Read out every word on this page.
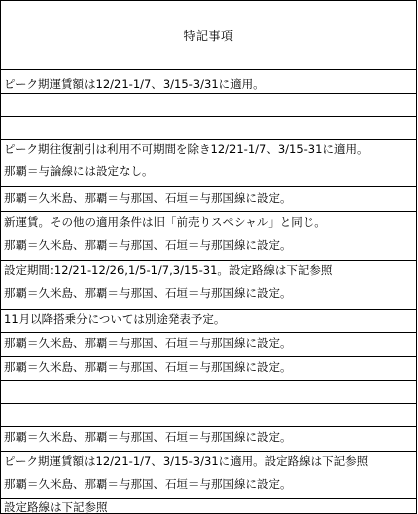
特記事項
ピーク期運賃額は12/21-1/7、3/15-3/31に適用。
ピーク期往復割引は利用不可期間を除き12/21-1/7、3/15-31に適用。
那覇＝与論線には設定なし。
那覇＝久米島、那覇＝与那国、石垣＝与那国線に設定。
新運賃。その他の適用条件は旧「前売りスペシャル」と同じ。
那覇＝久米島、那覇＝与那国、石垣＝与那国線に設定。
設定期間:12/21-12/26,1/5-1/7,3/15-31。設定路線は下記参照
那覇＝久米島、那覇＝与那国、石垣＝与那国線に設定。
11月以降搭乗分については別途発表予定。
那覇＝久米島、那覇＝与那国、石垣＝与那国線に設定。
那覇＝久米島、那覇＝与那国、石垣＝与那国線に設定。
那覇＝久米島、那覇＝与那国、石垣＝与那国線に設定。
ピーク期運賃額は12/21-1/7、3/15-3/31に適用。設定路線は下記参照
那覇＝久米島、那覇＝与那国、石垣＝与那国線に設定。
設定路線は下記参照
